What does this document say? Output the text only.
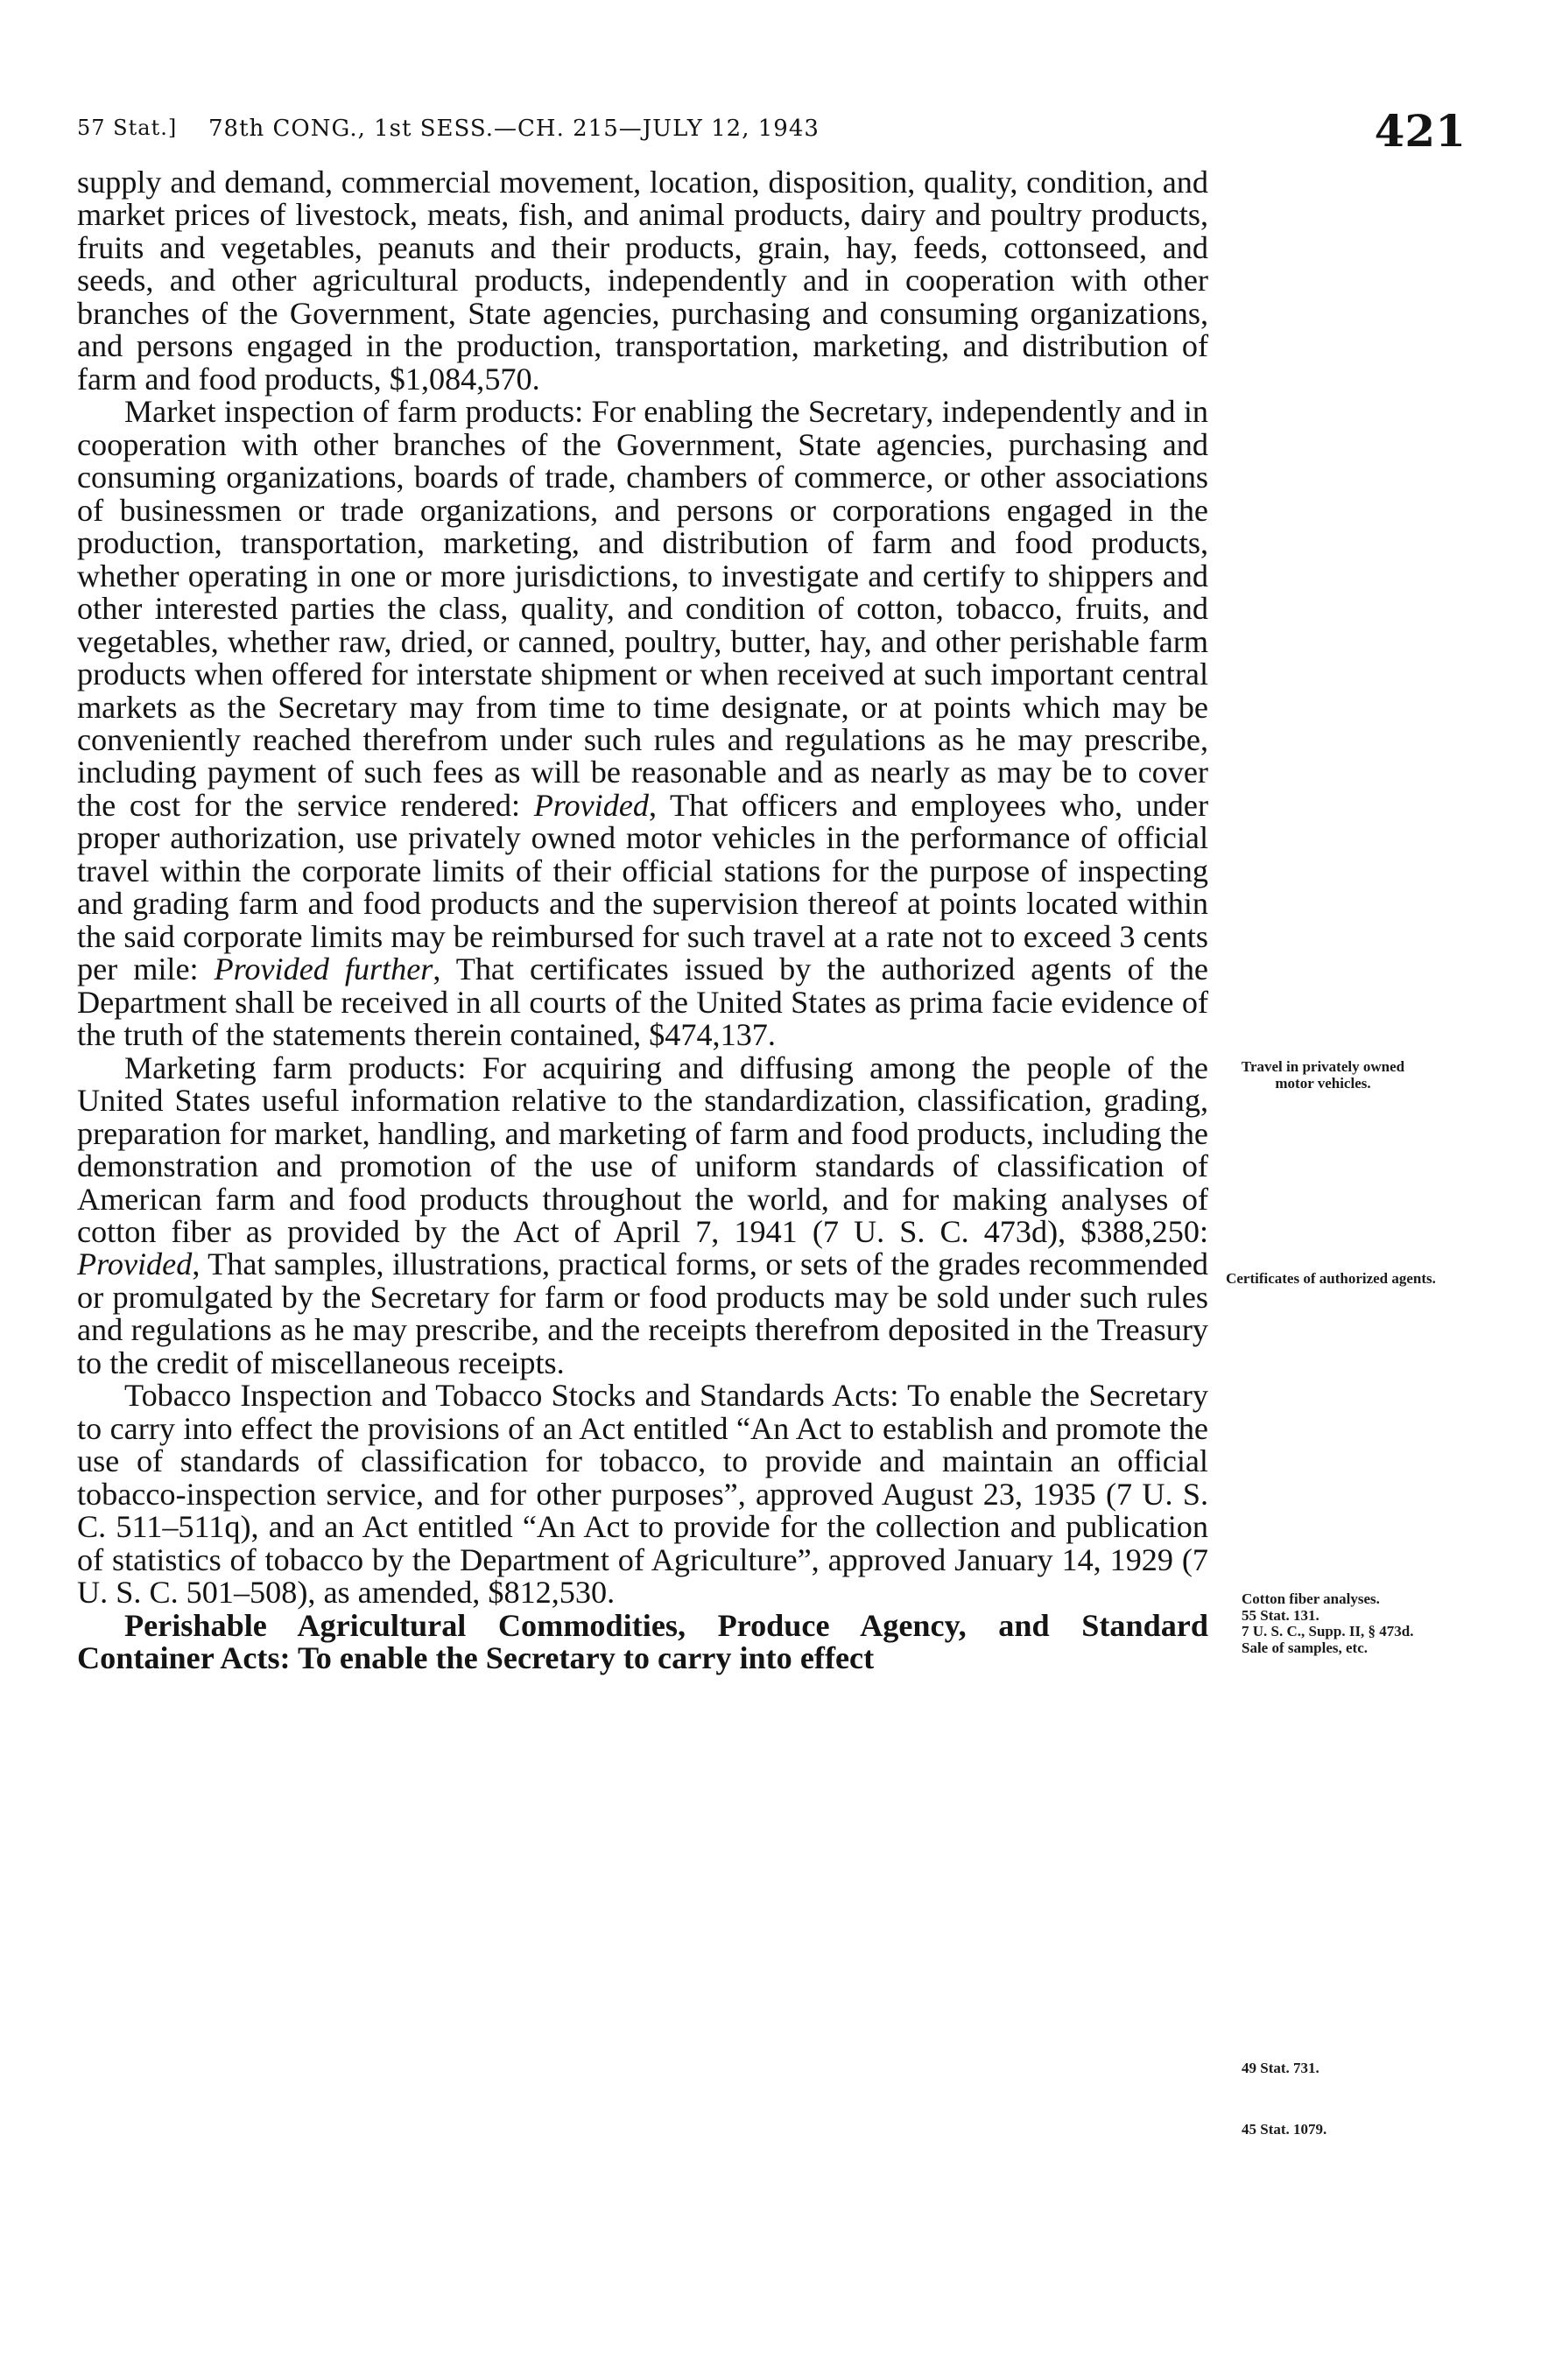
57 Stat.] 78th CONG., 1st SESS.—CH. 215—JULY 12, 1943	421

supply and demand, commercial movement, location, disposition, quality, condition, and market prices of livestock, meats, fish, and animal products, dairy and poultry products, fruits and vegetables, peanuts and their products, grain, hay, feeds, cottonseed, and seeds, and other agricultural products, independently and in cooperation with other branches of the Government, State agencies, purchasing and consuming organizations, and persons engaged in the production, transportation, marketing, and distribution of farm and food products, $1,084,570.

Market inspection of farm products: For enabling the Secretary, independently and in cooperation with other branches of the Government, State agencies, purchasing and consuming organizations, boards of trade, chambers of commerce, or other associations of businessmen or trade organizations, and persons or corporations engaged in the production, transportation, marketing, and distribution of farm and food products, whether operating in one or more jurisdictions, to investigate and certify to shippers and other interested parties the class, quality, and condition of cotton, tobacco, fruits, and vegetables, whether raw, dried, or canned, poultry, butter, hay, and other perishable farm products when offered for interstate shipment or when received at such important central markets as the Secretary may from time to time designate, or at points which may be conveniently reached therefrom under such rules and regulations as he may prescribe, including payment of such fees as will be reasonable and as nearly as may be to cover the cost for the service rendered: Provided, That officers and employees who, under proper authorization, use privately owned motor vehicles in the performance of official travel within the corporate limits of their official stations for the purpose of inspecting and grading farm and food products and the supervision thereof at points located within the said corporate limits may be reimbursed for such travel at a rate not to exceed 3 cents per mile: Provided further, That certificates issued by the authorized agents of the Department shall be received in all courts of the United States as prima facie evidence of the truth of the statements therein contained, $474,137.

Marketing farm products: For acquiring and diffusing among the people of the United States useful information relative to the standardization, classification, grading, preparation for market, handling, and marketing of farm and food products, including the demonstration and promotion of the use of uniform standards of classification of American farm and food products throughout the world, and for making analyses of cotton fiber as provided by the Act of April 7, 1941 (7 U. S. C. 473d), $388,250: Provided, That samples, illustrations, practical forms, or sets of the grades recommended or promulgated by the Secretary for farm or food products may be sold under such rules and regulations as he may prescribe, and the receipts therefrom deposited in the Treasury to the credit of miscellaneous receipts.

Tobacco Inspection and Tobacco Stocks and Standards Acts: To enable the Secretary to carry into effect the provisions of an Act entitled “An Act to establish and promote the use of standards of classification for tobacco, to provide and maintain an official tobacco-inspection service, and for other purposes”, approved August 23, 1935 (7 U. S. C. 511–511q), and an Act entitled “An Act to provide for the collection and publication of statistics of tobacco by the Department of Agriculture”, approved January 14, 1929 (7 U. S. C. 501–508), as amended, $812,530.

Perishable Agricultural Commodities, Produce Agency, and Standard Container Acts: To enable the Secretary to carry into effect

Travel in privately owned motor vehicles.
Certificates of authorized agents.
Cotton fiber analyses.
55 Stat. 131.
7 U. S. C., Supp. II, § 473d.
Sale of samples, etc.
49 Stat. 731.
45 Stat. 1079.
